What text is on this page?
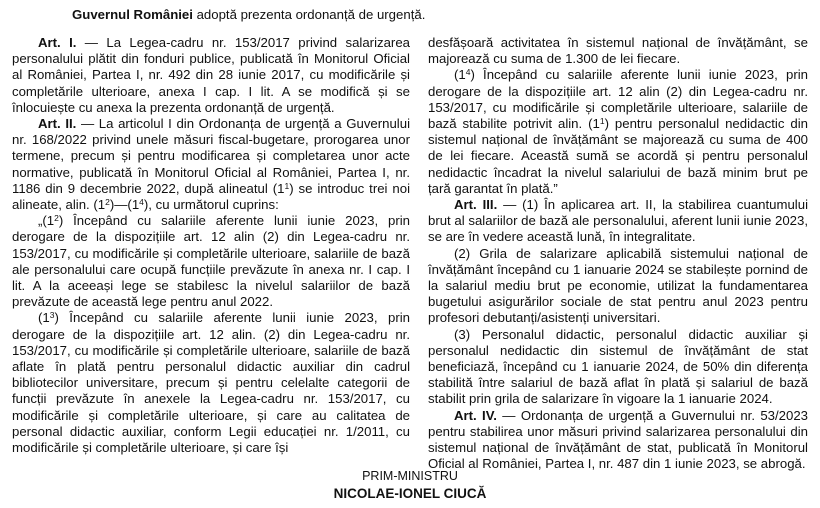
Guvernul României adoptă prezenta ordonanță de urgență.

Art. I. — La Legea-cadru nr. 153/2017 privind salarizarea personalului plătit din fonduri publice, publicată în Monitorul Oficial al României, Partea I, nr. 492 din 28 iunie 2017, cu modificările și completările ulterioare, anexa I cap. I lit. A se modifică și se înlocuiește cu anexa la prezenta ordonanță de urgență.

Art. II. — La articolul I din Ordonanța de urgență a Guvernului nr. 168/2022 privind unele măsuri fiscal-bugetare, prorogarea unor termene, precum și pentru modificarea și completarea unor acte normative, publicată în Monitorul Oficial al României, Partea I, nr. 1186 din 9 decembrie 2022, după alineatul $(1^1)$ se introduc trei noi alineate, alin. $(1^2)—(1^4)$, cu următorul cuprins:

$„(1^2)$ Începând cu salariile aferente lunii iunie 2023, prin derogare de la dispozițiile art. 12 alin (2) din Legea-cadru nr. 153/2017, cu modificările și completările ulterioare, salariile de bază ale personalului care ocupă funcțiile prevăzute în anexa nr. I cap. I lit. A la aceeași lege se stabilesc la nivelul salariilor de bază prevăzute de această lege pentru anul 2022.

$(1^3)$ Începând cu salariile aferente lunii iunie 2023, prin derogare de la dispozițiile art. 12 alin. (2) din Legea-cadru nr. 153/2017, cu modificările și completările ulterioare, salariile de bază aflate în plată pentru personalul didactic auxiliar din cadrul bibliotecilor universitare, precum și pentru celelalte categorii de funcții prevăzute în anexele la Legea-cadru nr. 153/2017, cu modificările și completările ulterioare, și care au calitatea de personal didactic auxiliar, conform Legii educației nr. 1/2011, cu modificările și completările ulterioare, și care își

desfășoară activitatea în sistemul național de învățământ, se majorează cu suma de 1.300 de lei fiecare.

$(1^4)$ Începând cu salariile aferente lunii iunie 2023, prin derogare de la dispozițiile art. 12 alin (2) din Legea-cadru nr. 153/2017, cu modificările și completările ulterioare, salariile de bază stabilite potrivit alin. $(1^1)$ pentru personalul nedidactic din sistemul național de învățământ se majorează cu suma de 400 de lei fiecare. Această sumă se acordă și pentru personalul nedidactic încadrat la nivelul salariului de bază minim brut pe țară garantat în plată.”

Art. III. — (1) În aplicarea art. II, la stabilirea cuantumului brut al salariilor de bază ale personalului, aferent lunii iunie 2023, se are în vedere această lună, în integralitate.

(2) Grila de salarizare aplicabilă sistemului național de învățământ începând cu 1 ianuarie 2024 se stabilește pornind de la salariul mediu brut pe economie, utilizat la fundamentarea bugetului asigurărilor sociale de stat pentru anul 2023 pentru profesori debutanți/asistenți universitari.

(3) Personalul didactic, personalul didactic auxiliar și personalul nedidactic din sistemul de învățământ de stat beneficiază, începând cu 1 ianuarie 2024, de 50% din diferența stabilită între salariul de bază aflat în plată și salariul de bază stabilit prin grila de salarizare în vigoare la 1 ianuarie 2024.

Art. IV. — Ordonanța de urgență a Guvernului nr. 53/2023 pentru stabilirea unor măsuri privind salarizarea personalului din sistemul național de învățământ de stat, publicată în Monitorul Oficial al României, Partea I, nr. 487 din 1 iunie 2023, se abrogă.

PRIM-MINISTRU
NICOLAE-IONEL CIUCĂ
